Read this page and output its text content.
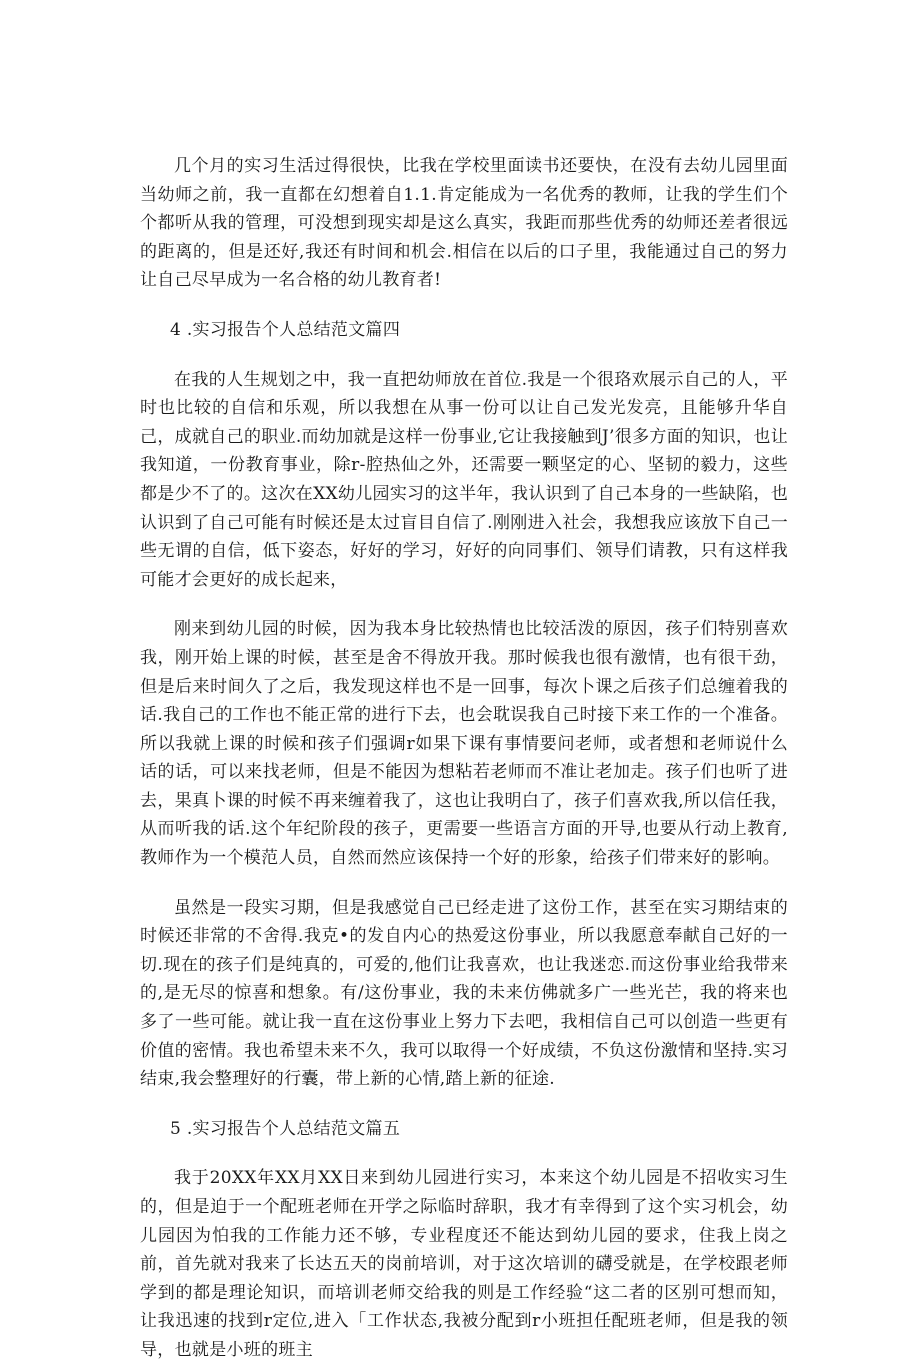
几个月的实习生活过得很快，比我在学校里面读书还要快，在没有去幼儿园里面当幼师之前，我一直都在幻想着自1.1.肯定能成为一名优秀的教师，让我的学生们个个都听从我的管理，可没想到现实却是这么真实，我距而那些优秀的幼师还差者很远的距离的，但是还好,我还有时间和机会.相信在以后的口子里，我能通过自己的努力让自己尽早成为一名合格的幼儿教育者!

4 .实习报告个人总结范文篇四

在我的人生规划之中，我一直把幼师放在首位.我是一个很珞欢展示自己的人，平时也比较的自信和乐观，所以我想在从事一份可以让自己发光发亮，且能够升华自己，成就自己的职业.而幼加就是这样一份事业,它让我接触到J’很多方面的知识，也让我知道，一份教育事业，除r-腔热仙之外，还需要一颗坚定的心、坚韧的毅力，这些都是少不了的。这次在XX幼儿园实习的这半年，我认识到了自己本身的一些缺陷，也认识到了自己可能有时候还是太过盲目自信了.刚刚进入社会，我想我应该放下自己一些无谓的自信，低下姿态，好好的学习，好好的向同事们、领导们请教，只有这样我可能才会更好的成长起来，

刚来到幼儿园的时候，因为我本身比较热情也比较活泼的原因，孩子们特别喜欢我，刚开始上课的时候，甚至是舍不得放开我。那时候我也很有激情，也有很干劲，但是后来时间久了之后，我发现这样也不是一回事，每次卜课之后孩子们总缠着我的话.我自己的工作也不能正常的进行下去，也会耽误我自己时接下来工作的一个准备。所以我就上课的时候和孩子们强调r如果下课有事情要问老师，或者想和老师说什么话的话，可以来找老师，但是不能因为想粘若老师而不准让老加走。孩子们也听了进去，果真卜课的时候不再来缠着我了，这也让我明白了，孩子们喜欢我,所以信任我，从而听我的话.这个年纪阶段的孩子，更需要一些语言方面的开导,也要从行动上教育,教师作为一个模范人员，自然而然应该保持一个好的形象，给孩子们带来好的影响。

虽然是一段实习期，但是我感觉自己已经走进了这份工作，甚至在实习期结束的时候还非常的不舍得.我克•的发自内心的热爱这份事业，所以我愿意奉献自己好的一切.现在的孩子们是纯真的，可爱的,他们让我喜欢，也让我迷恋.而这份事业给我带来的,是无尽的惊喜和想象。有/这份事业，我的未来仿佛就多广一些光芒，我的将来也多了一些可能。就让我一直在这份事业上努力下去吧，我相信自己可以创造一些更有价值的密情。我也希望未来不久，我可以取得一个好成绩，不负这份激情和坚持.实习结束,我会整理好的行囊，带上新的心情,踏上新的征途.

5 .实习报告个人总结范文篇五

我于20XX年XX月XX日来到幼儿园进行实习，本来这个幼儿园是不招收实习生的，但是迫于一个配班老师在开学之际临时辞职，我才有幸得到了这个实习机会，幼儿园因为怕我的工作能力还不够，专业程度还不能达到幼儿园的要求，住我上岗之前，首先就对我来了长达五天的岗前培训，对于这次培训的礴受就是，在学校跟老师学到的都是理论知识，而培训老师交给我的则是工作经验“这二者的区别可想而知，让我迅速的找到r定位,进入「工作状态,我被分配到r小班担任配班老师，但是我的领导，也就是小班的班主
